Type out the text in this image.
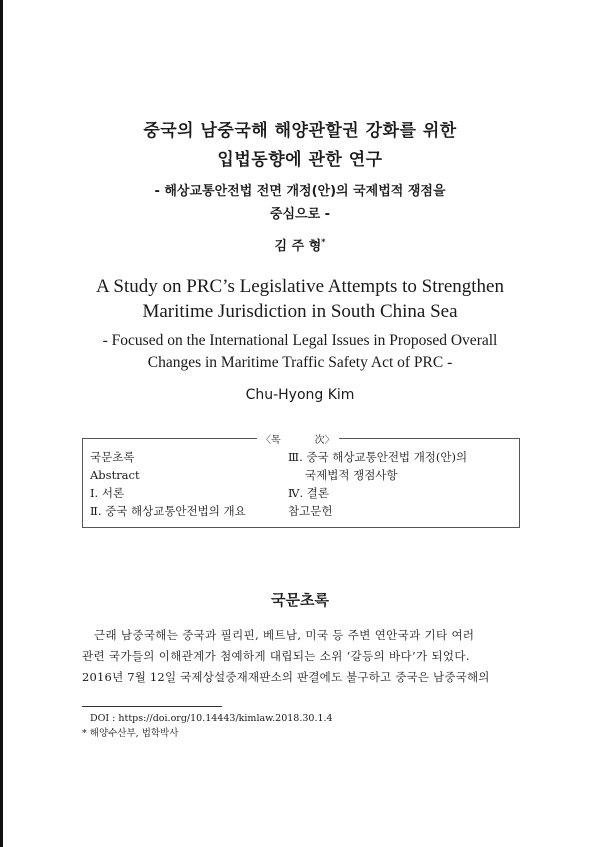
중국의 남중국해 해양관할권 강화를 위한
입법동향에 관한 연구
- 해상교통안전법 전면 개정(안)의 국제법적 쟁점을
중심으로 -
김 주 형*
A Study on PRC’s Legislative Attempts to Strengthen
Maritime Jurisdiction in South China Sea
- Focused on the International Legal Issues in Proposed Overall
Changes in Maritime Traffic Safety Act of PRC -
Chu-Hyong Kim
〈목	次〉
국문초록
Abstract
Ⅰ. 서론
Ⅱ. 중국 해상교통안전법의 개요
Ⅲ. 중국 해상교통안전법 개정(안)의
국제법적 쟁점사항
Ⅳ. 결론
참고문헌
국문초록
근래 남중국해는 중국과 필리핀, 베트남, 미국 등 주변 연안국과 기타 여러
관련 국가들의 이해관계가 첨예하게 대립되는 소위 ‘갈등의 바다’가 되었다.
2016년 7월 12일 국제상설중재재판소의 판결에도 불구하고 중국은 남중국해의
DOI : https://doi.org/10.14443/kimlaw.2018.30.1.4
* 해양수산부, 법학박사
